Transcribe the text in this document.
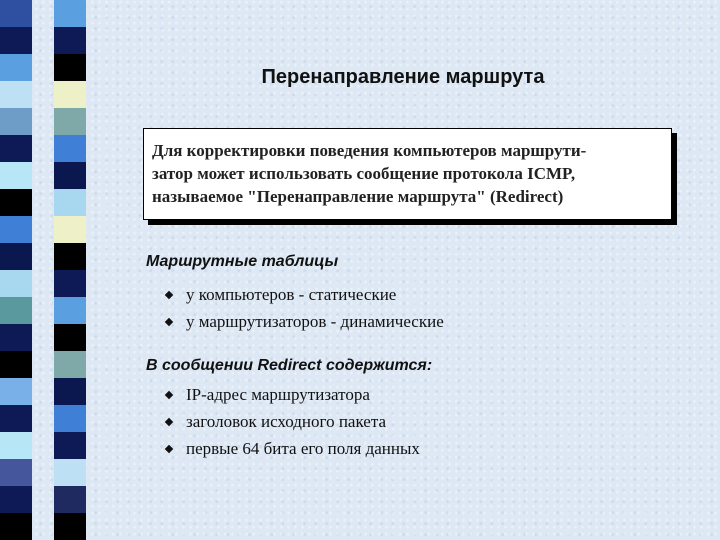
Перенаправление маршрута
Для корректировки поведения компьютеров маршрути-
затор может использовать сообщение протокола ICMP,
называемое "Перенаправление маршрута" (Redirect)
Маршрутные таблицы
у компьютеров - статические
у маршрутизаторов - динамические
В сообщении Redirect содержится:
IP-адрес маршрутизатора
заголовок исходного пакета
первые 64 бита его поля данных
